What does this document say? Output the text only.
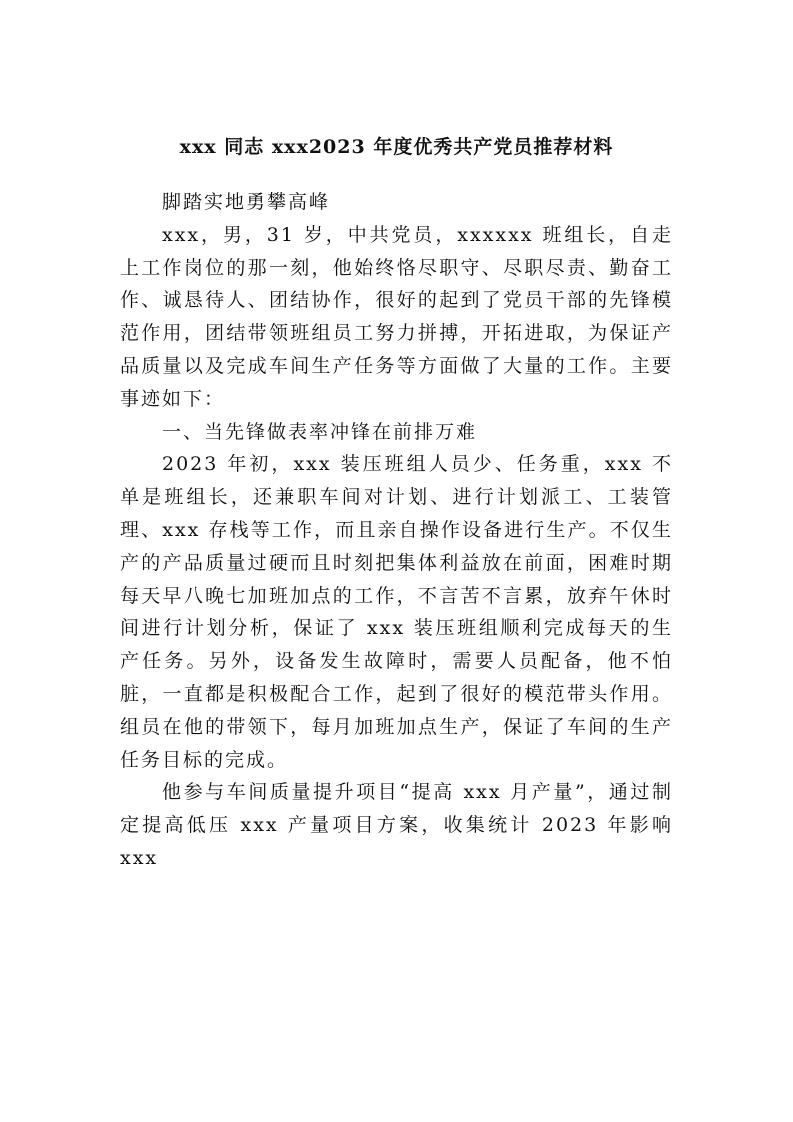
xxx 同志 xxx2023 年度优秀共产党员推荐材料

脚踏实地勇攀高峰

xxx，男，31 岁，中共党员，xxxxxx 班组长，自走上工作岗位的那一刻，他始终恪尽职守、尽职尽责、勤奋工作、诚恳待人、团结协作，很好的起到了党员干部的先锋模范作用，团结带领班组员工努力拼搏，开拓进取，为保证产品质量以及完成车间生产任务等方面做了大量的工作。主要事迹如下：

一、当先锋做表率冲锋在前排万难

2023 年初，xxx 装压班组人员少、任务重，xxx 不单是班组长，还兼职车间对计划、进行计划派工、工装管理、xxx 存栈等工作，而且亲自操作设备进行生产。不仅生产的产品质量过硬而且时刻把集体利益放在前面，困难时期每天早八晚七加班加点的工作，不言苦不言累，放弃午休时间进行计划分析，保证了 xxx 装压班组顺利完成每天的生产任务。另外，设备发生故障时，需要人员配备，他不怕脏，一直都是积极配合工作，起到了很好的模范带头作用。组员在他的带领下，每月加班加点生产，保证了车间的生产任务目标的完成。

他参与车间质量提升项目“提高 xxx 月产量”，通过制定提高低压 xxx 产量项目方案，收集统计 2023 年影响 xxx
